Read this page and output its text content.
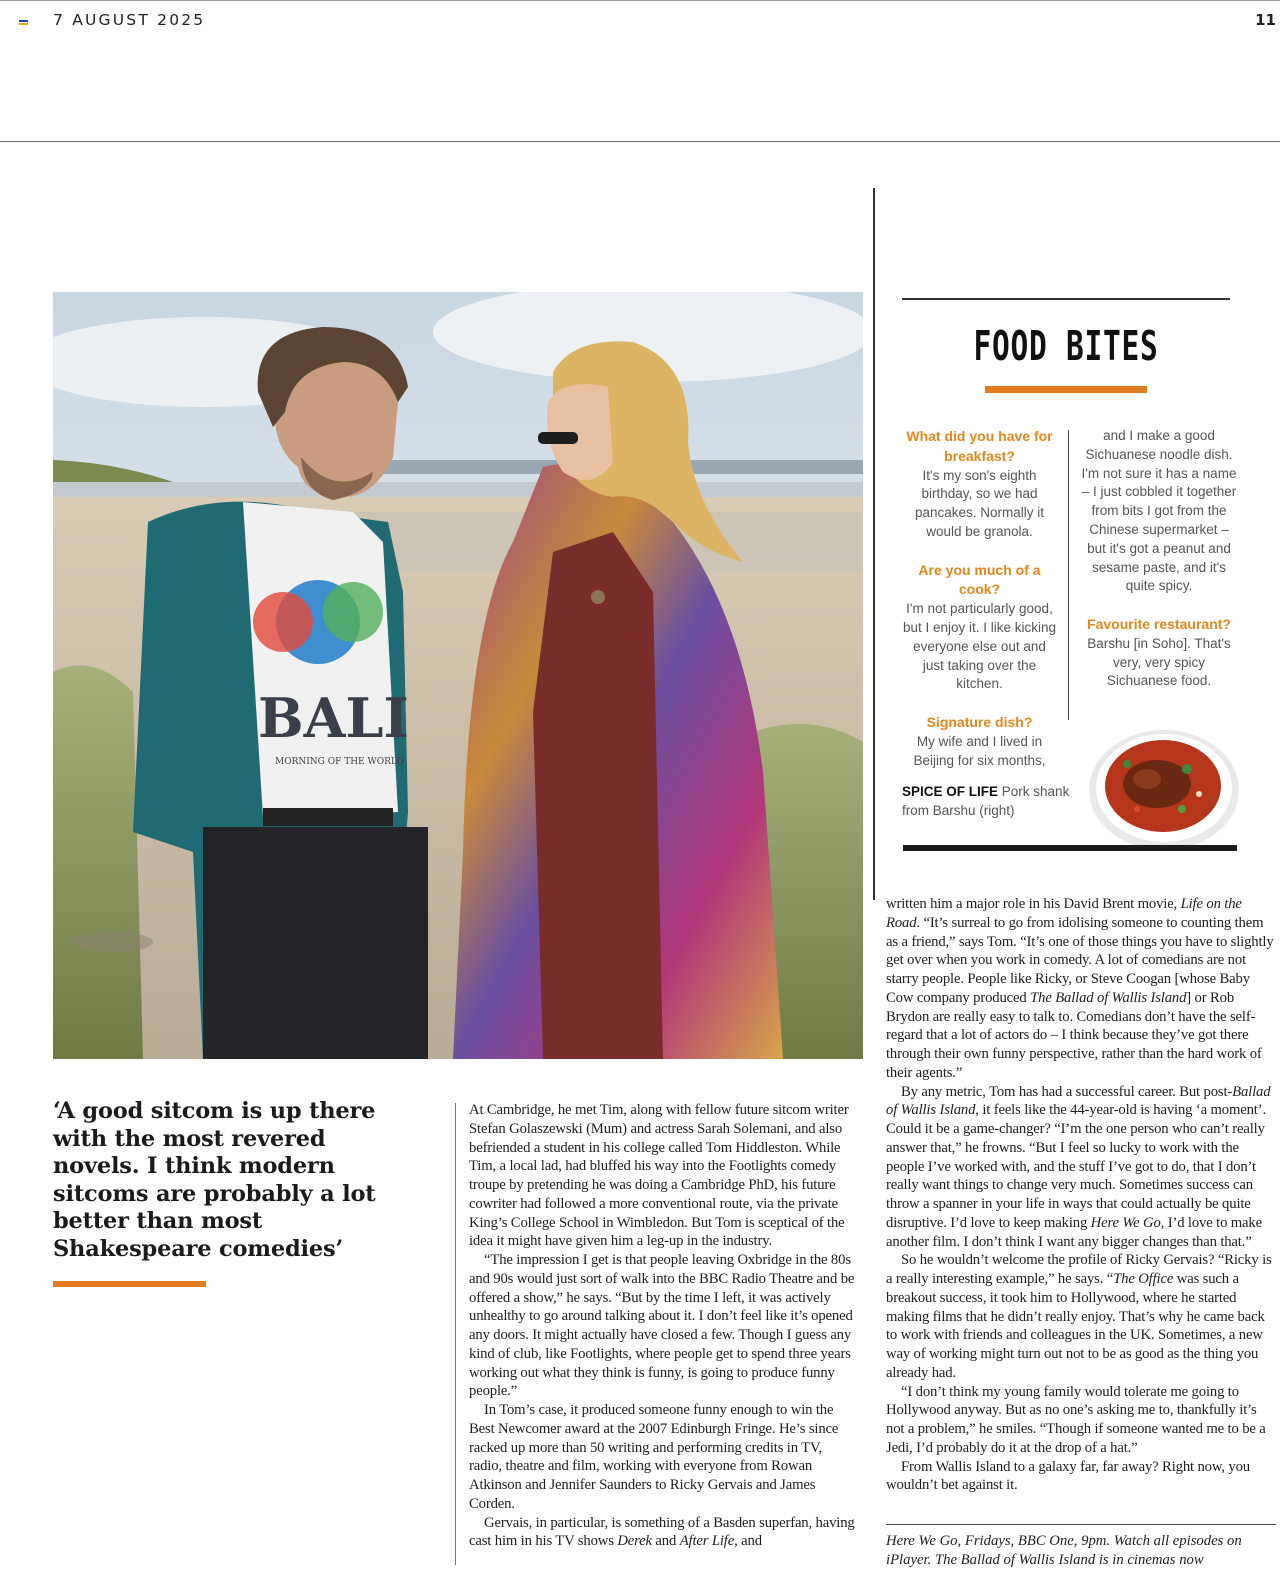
7 AUGUST 2025	11
BALI
MORNING OF THE WORLD
FOOD BITES

What did you have for breakfast?
It's my son's eighth birthday, so we had pancakes. Normally it would be granola.

Are you much of a cook?
I'm not particularly good, but I enjoy it. I like kicking everyone else out and just taking over the kitchen.

Signature dish?
My wife and I lived in Beijing for six months,

and I make a good Sichuanese noodle dish. I'm not sure it has a name – I just cobbled it together from bits I got from the Chinese supermarket – but it's got a peanut and sesame paste, and it's quite spicy.

Favourite restaurant?
Barshu [in Soho]. That's very, very spicy Sichuanese food.

SPICE OF LIFE Pork shank from Barshu (right)
‘A good sitcom is up there with the most revered novels. I think modern sitcoms are probably a lot better than most Shakespeare comedies’

At Cambridge, he met Tim, along with fellow future sitcom writer Stefan Golaszewski (Mum) and actress Sarah Solemani, and also befriended a student in his college called Tom Hiddleston. While Tim, a local lad, had bluffed his way into the Footlights comedy troupe by pretending he was doing a Cambridge PhD, his future cowriter had followed a more conventional route, via the private King’s College School in Wimbledon. But Tom is sceptical of the idea it might have given him a leg-up in the industry.

“The impression I get is that people leaving Oxbridge in the 80s and 90s would just sort of walk into the BBC Radio Theatre and be offered a show,” he says. “But by the time I left, it was actively unhealthy to go around talking about it. I don’t feel like it’s opened any doors. It might actually have closed a few. Though I guess any kind of club, like Footlights, where people get to spend three years working out what they think is funny, is going to produce funny people.”

In Tom’s case, it produced someone funny enough to win the Best Newcomer award at the 2007 Edinburgh Fringe. He’s since racked up more than 50 writing and performing credits in TV, radio, theatre and film, working with everyone from Rowan Atkinson and Jennifer Saunders to Ricky Gervais and James Corden.

Gervais, in particular, is something of a Basden superfan, having cast him in his TV shows Derek and After Life, and

written him a major role in his David Brent movie, Life on the Road. “It’s surreal to go from idolising someone to counting them as a friend,” says Tom. “It’s one of those things you have to slightly get over when you work in comedy. A lot of comedians are not starry people. People like Ricky, or Steve Coogan [whose Baby Cow company produced The Ballad of Wallis Island] or Rob Brydon are really easy to talk to. Comedians don’t have the self-regard that a lot of actors do – I think because they’ve got there through their own funny perspective, rather than the hard work of their agents.”

By any metric, Tom has had a successful career. But post-Ballad of Wallis Island, it feels like the 44-year-old is having ‘a moment’. Could it be a game-changer? “I’m the one person who can’t really answer that,” he frowns. “But I feel so lucky to work with the people I’ve worked with, and the stuff I’ve got to do, that I don’t really want things to change very much. Sometimes success can throw a spanner in your life in ways that could actually be quite disruptive. I’d love to keep making Here We Go, I’d love to make another film. I don’t think I want any bigger changes than that.”

So he wouldn’t welcome the profile of Ricky Gervais? “Ricky is a really interesting example,” he says. “The Office was such a breakout success, it took him to Hollywood, where he started making films that he didn’t really enjoy. That’s why he came back to work with friends and colleagues in the UK. Sometimes, a new way of working might turn out not to be as good as the thing you already had.

“I don’t think my young family would tolerate me going to Hollywood anyway. But as no one’s asking me to, thankfully it’s not a problem,” he smiles. “Though if someone wanted me to be a Jedi, I’d probably do it at the drop of a hat.”

From Wallis Island to a galaxy far, far away? Right now, you wouldn’t bet against it.

Here We Go, Fridays, BBC One, 9pm. Watch all episodes on iPlayer. The Ballad of Wallis Island is in cinemas now
